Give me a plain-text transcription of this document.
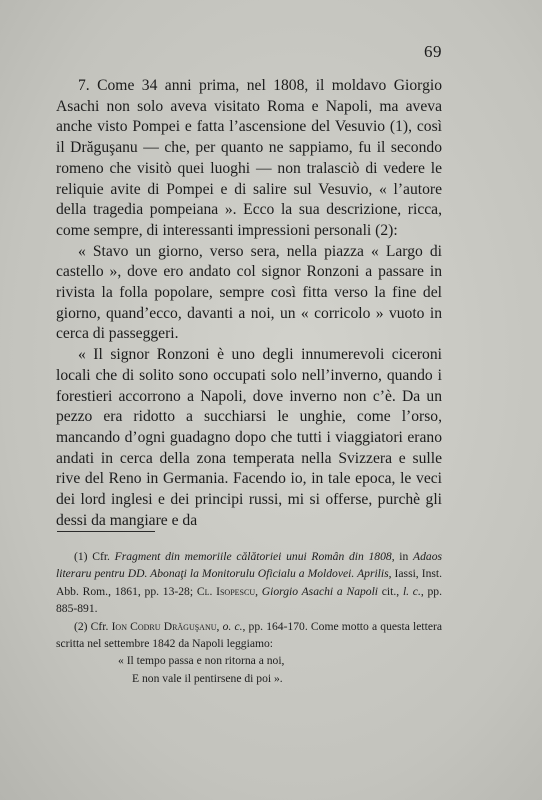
69

7. Come 34 anni prima, nel 1808, il moldavo Giorgio Asachi non solo aveva visitato Roma e Napoli, ma aveva anche visto Pompei e fatta l’ascensione del Vesuvio (1), così il Drăguşanu — che, per quanto ne sappiamo, fu il secondo romeno che visitò quei luoghi — non tralasciò di vedere le reliquie avite di Pompei e di salire sul Vesuvio, « l’autore della tragedia pompeiana ». Ecco la sua descrizione, ricca, come sempre, di interessanti impressioni personali (2):

« Stavo un giorno, verso sera, nella piazza « Largo di castello », dove ero andato col signor Ronzoni a passare in rivista la folla popolare, sempre così fitta verso la fine del giorno, quand’ecco, davanti a noi, un « corricolo » vuoto in cerca di passeggeri.

« Il signor Ronzoni è uno degli innumerevoli ciceroni locali che di solito sono occupati solo nell’inverno, quando i forestieri accorrono a Napoli, dove inverno non c’è. Da un pezzo era ridotto a succhiarsi le unghie, come l’orso, mancando d’ogni guadagno dopo che tutti i viaggiatori erano andati in cerca della zona temperata nella Svizzera e sulle rive del Reno in Germania. Facendo io, in tale epoca, le veci dei lord inglesi e dei principi russi, mi si offerse, purchè gli dessi da mangiare e da

(1) Cfr. Fragment din memoriile călătoriei unui Român din 1808, in Adaos literaru pentru DD. Abonaţi la Monitorulu Oficialu a Moldovei. Aprilis, Iassi, Inst. Abb. Rom., 1861, pp. 13-28; Cl. Isopescu, Giorgio Asachi a Napoli cit., l. c., pp. 885-891.

(2) Cfr. Ion Codru Drăguşanu, o. c., pp. 164-170. Come motto a questa lettera scritta nel settembre 1842 da Napoli leggiamo:

« Il tempo passa e non ritorna a noi,

E non vale il pentirsene di poi ».
